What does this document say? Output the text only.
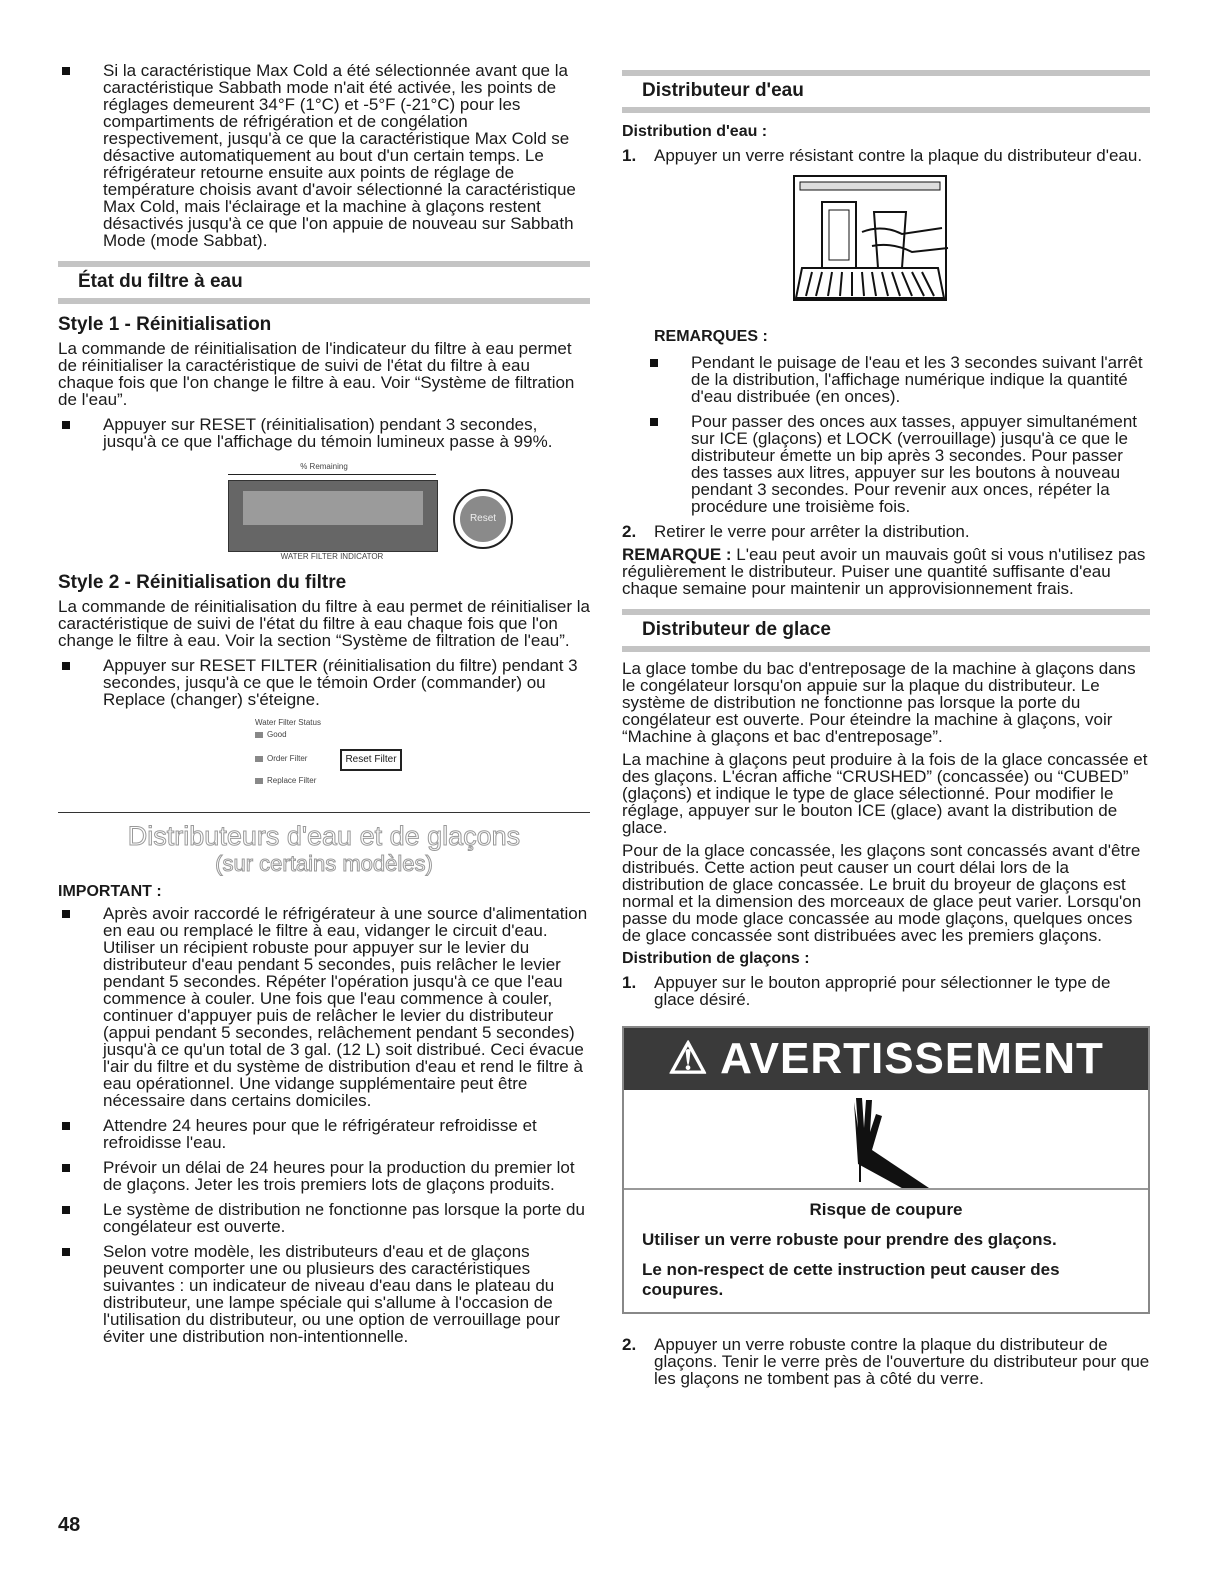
Si la caractéristique Max Cold a été sélectionnée avant que la caractéristique Sabbath mode n'ait été activée, les points de réglages demeurent 34°F (1°C) et -5°F (-21°C) pour les compartiments de réfrigération et de congélation respectivement, jusqu'à ce que la caractéristique Max Cold se désactive automatiquement au bout d'un certain temps. Le réfrigérateur retourne ensuite aux points de réglage de température choisis avant d'avoir sélectionné la caractéristique Max Cold, mais l'éclairage et la machine à glaçons restent désactivés jusqu'à ce que l'on appuie de nouveau sur Sabbath Mode (mode Sabbat).

État du filtre à eau
Style 1 - Réinitialisation

La commande de réinitialisation de l'indicateur du filtre à eau permet de réinitialiser la caractéristique de suivi de l'état du filtre à eau chaque fois que l'on change le filtre à eau. Voir “Système de filtration de l'eau”.

Appuyer sur RESET (réinitialisation) pendant 3 secondes, jusqu'à ce que l'affichage du témoin lumineux passe à 99%.

% Remaining
Reset
WATER FILTER INDICATOR
Style 2 - Réinitialisation du filtre

La commande de réinitialisation du filtre à eau permet de réinitialiser la caractéristique de suivi de l'état du filtre à eau chaque fois que l'on change le filtre à eau. Voir la section “Système de filtration de l'eau”.

Appuyer sur RESET FILTER (réinitialisation du filtre) pendant 3 secondes, jusqu'à ce que le témoin Order (commander) ou Replace (changer) s'éteigne.

Water Filter Status
Good
Order Filter	Reset Filter
Replace Filter
Distributeurs d'eau et de glaçons
(sur certains modèles)

IMPORTANT :

Après avoir raccordé le réfrigérateur à une source d'alimentation en eau ou remplacé le filtre à eau, vidanger le circuit d'eau. Utiliser un récipient robuste pour appuyer sur le levier du distributeur d'eau pendant 5 secondes, puis relâcher le levier pendant 5 secondes. Répéter l'opération jusqu'à ce que l'eau commence à couler. Une fois que l'eau commence à couler, continuer d'appuyer puis de relâcher le levier du distributeur (appui pendant 5 secondes, relâchement pendant 5 secondes) jusqu'à ce qu'un total de 3 gal. (12 L) soit distribué. Ceci évacue l'air du filtre et du système de distribution d'eau et rend le filtre à eau opérationnel. Une vidange supplémentaire peut être nécessaire dans certains domiciles.

Attendre 24 heures pour que le réfrigérateur refroidisse et refroidisse l'eau.

Prévoir un délai de 24 heures pour la production du premier lot de glaçons. Jeter les trois premiers lots de glaçons produits.

Le système de distribution ne fonctionne pas lorsque la porte du congélateur est ouverte.

Selon votre modèle, les distributeurs d'eau et de glaçons peuvent comporter une ou plusieurs des caractéristiques suivantes : un indicateur de niveau d'eau dans le plateau du distributeur, une lampe spéciale qui s'allume à l'occasion de l'utilisation du distributeur, ou une option de verrouillage pour éviter une distribution non-intentionnelle.

48
Distributeur d'eau

Distribution d'eau :

1. Appuyer un verre résistant contre la plaque du distributeur d'eau.

REMARQUES :

Pendant le puisage de l'eau et les 3 secondes suivant l'arrêt de la distribution, l'affichage numérique indique la quantité d'eau distribuée (en onces).

Pour passer des onces aux tasses, appuyer simultanément sur ICE (glaçons) et LOCK (verrouillage) jusqu'à ce que le distributeur émette un bip après 3 secondes. Pour passer des tasses aux litres, appuyer sur les boutons à nouveau pendant 3 secondes. Pour revenir aux onces, répéter la procédure une troisième fois.

2. Retirer le verre pour arrêter la distribution.

REMARQUE : L'eau peut avoir un mauvais goût si vous n'utilisez pas régulièrement le distributeur. Puiser une quantité suffisante d'eau chaque semaine pour maintenir un approvisionnement frais.

Distributeur de glace

La glace tombe du bac d'entreposage de la machine à glaçons dans le congélateur lorsqu'on appuie sur la plaque du distributeur. Le système de distribution ne fonctionne pas lorsque la porte du congélateur est ouverte. Pour éteindre la machine à glaçons, voir “Machine à glaçons et bac d'entreposage”.

La machine à glaçons peut produire à la fois de la glace concassée et des glaçons. L'écran affiche “CRUSHED” (concassée) ou “CUBED” (glaçons) et indique le type de glace sélectionné. Pour modifier le réglage, appuyer sur le bouton ICE (glace) avant la distribution de glace.

Pour de la glace concassée, les glaçons sont concassés avant d'être distribués. Cette action peut causer un court délai lors de la distribution de glace concassée. Le bruit du broyeur de glaçons est normal et la dimension des morceaux de glace peut varier. Lorsqu'on passe du mode glace concassée au mode glaçons, quelques onces de glace concassée sont distribuées avec les premiers glaçons.

Distribution de glaçons :

1. Appuyer sur le bouton approprié pour sélectionner le type de glace désiré.

⚠ AVERTISSEMENT

Risque de coupure

Utiliser un verre robuste pour prendre des glaçons.

Le non-respect de cette instruction peut causer des coupures.

2. Appuyer un verre robuste contre la plaque du distributeur de glaçons. Tenir le verre près de l'ouverture du distributeur pour que les glaçons ne tombent pas à côté du verre.
